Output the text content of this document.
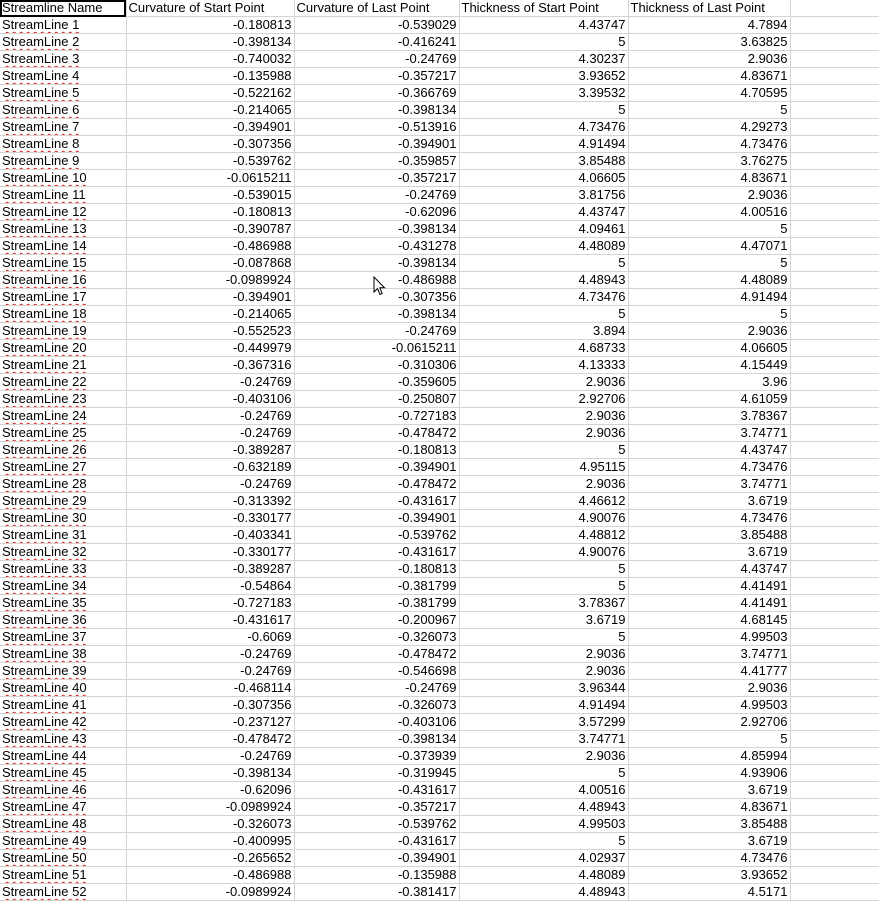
Streamline Name	Curvature of Start Point	Curvature of Last Point	Thickness of Start Point	Thickness of Last Point	
StreamLine 1	-0.180813	-0.539029	4.43747	4.7894	
StreamLine 2	-0.398134	-0.416241	5	3.63825	
StreamLine 3	-0.740032	-0.24769	4.30237	2.9036	
StreamLine 4	-0.135988	-0.357217	3.93652	4.83671	
StreamLine 5	-0.522162	-0.366769	3.39532	4.70595	
StreamLine 6	-0.214065	-0.398134	5	5	
StreamLine 7	-0.394901	-0.513916	4.73476	4.29273	
StreamLine 8	-0.307356	-0.394901	4.91494	4.73476	
StreamLine 9	-0.539762	-0.359857	3.85488	3.76275	
StreamLine 10	-0.0615211	-0.357217	4.06605	4.83671	
StreamLine 11	-0.539015	-0.24769	3.81756	2.9036	
StreamLine 12	-0.180813	-0.62096	4.43747	4.00516	
StreamLine 13	-0.390787	-0.398134	4.09461	5	
StreamLine 14	-0.486988	-0.431278	4.48089	4.47071	
StreamLine 15	-0.087868	-0.398134	5	5	
StreamLine 16	-0.0989924	-0.486988	4.48943	4.48089	
StreamLine 17	-0.394901	-0.307356	4.73476	4.91494	
StreamLine 18	-0.214065	-0.398134	5	5	
StreamLine 19	-0.552523	-0.24769	3.894	2.9036	
StreamLine 20	-0.449979	-0.0615211	4.68733	4.06605	
StreamLine 21	-0.367316	-0.310306	4.13333	4.15449	
StreamLine 22	-0.24769	-0.359605	2.9036	3.96	
StreamLine 23	-0.403106	-0.250807	2.92706	4.61059	
StreamLine 24	-0.24769	-0.727183	2.9036	3.78367	
StreamLine 25	-0.24769	-0.478472	2.9036	3.74771	
StreamLine 26	-0.389287	-0.180813	5	4.43747	
StreamLine 27	-0.632189	-0.394901	4.95115	4.73476	
StreamLine 28	-0.24769	-0.478472	2.9036	3.74771	
StreamLine 29	-0.313392	-0.431617	4.46612	3.6719	
StreamLine 30	-0.330177	-0.394901	4.90076	4.73476	
StreamLine 31	-0.403341	-0.539762	4.48812	3.85488	
StreamLine 32	-0.330177	-0.431617	4.90076	3.6719	
StreamLine 33	-0.389287	-0.180813	5	4.43747	
StreamLine 34	-0.54864	-0.381799	5	4.41491	
StreamLine 35	-0.727183	-0.381799	3.78367	4.41491	
StreamLine 36	-0.431617	-0.200967	3.6719	4.68145	
StreamLine 37	-0.6069	-0.326073	5	4.99503	
StreamLine 38	-0.24769	-0.478472	2.9036	3.74771	
StreamLine 39	-0.24769	-0.546698	2.9036	4.41777	
StreamLine 40	-0.468114	-0.24769	3.96344	2.9036	
StreamLine 41	-0.307356	-0.326073	4.91494	4.99503	
StreamLine 42	-0.237127	-0.403106	3.57299	2.92706	
StreamLine 43	-0.478472	-0.398134	3.74771	5	
StreamLine 44	-0.24769	-0.373939	2.9036	4.85994	
StreamLine 45	-0.398134	-0.319945	5	4.93906	
StreamLine 46	-0.62096	-0.431617	4.00516	3.6719	
StreamLine 47	-0.0989924	-0.357217	4.48943	4.83671	
StreamLine 48	-0.326073	-0.539762	4.99503	3.85488	
StreamLine 49	-0.400995	-0.431617	5	3.6719	
StreamLine 50	-0.265652	-0.394901	4.02937	4.73476	
StreamLine 51	-0.486988	-0.135988	4.48089	3.93652	
StreamLine 52	-0.0989924	-0.381417	4.48943	4.5171	
